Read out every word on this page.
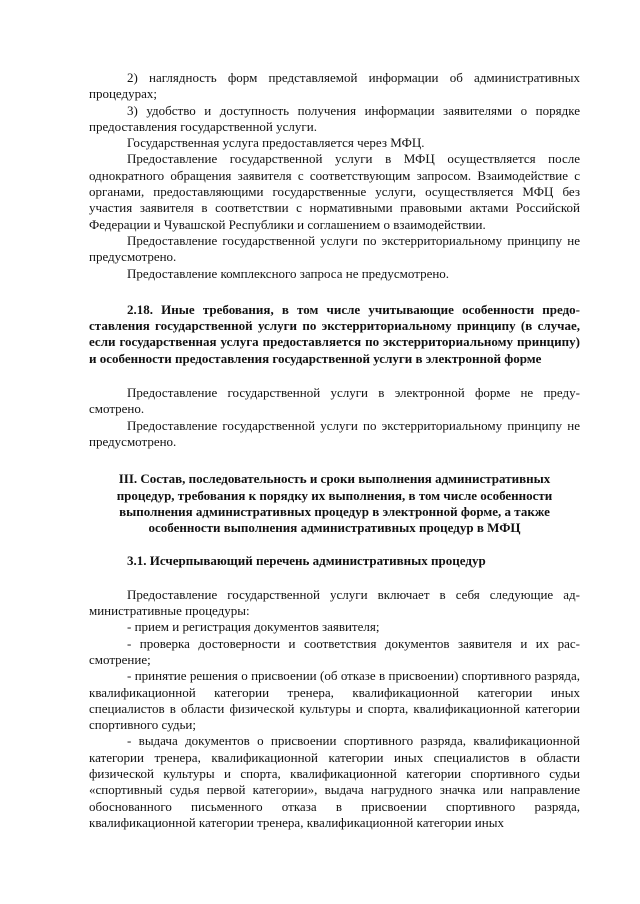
2) наглядность форм представляемой информации об административных процедурах;

3) удобство и доступность получения информации заявителями о порядке предоставления государственной услуги.

Государственная услуга предоставляется через МФЦ.

Предоставление государственной услуги в МФЦ осуществляется после однократного обращения заявителя с соответствующим запросом. Взаимодействие с органами, предоставляющими государственные услуги, осуществляется МФЦ без участия заявителя в соответствии с нормативными правовыми актами Российской Федерации и Чувашской Республики и соглашением о взаимодействии.

Предоставление государственной услуги по экстерриториальному принципу не предусмотрено.

Предоставление комплексного запроса не предусмотрено.

2.18. Иные требования, в том числе учитывающие особенности предоставления государственной услуги по экстерриториальному принципу (в случае, если государственная услуга предоставляется по экстерриториальному принципу) и особенности предоставления государственной услуги в электронной форме

Предоставление государственной услуги в электронной форме не предусмотрено.

Предоставление государственной услуги по экстерриториальному принципу не предусмотрено.

III. Состав, последовательность и сроки выполнения административных процедур, требования к порядку их выполнения, в том числе особенности выполнения административных процедур в электронной форме, а также особенности выполнения административных процедур в МФЦ

3.1. Исчерпывающий перечень административных процедур

Предоставление государственной услуги включает в себя следующие административные процедуры:

- прием и регистрация документов заявителя;

- проверка достоверности и соответствия документов заявителя и их рассмотрение;

- принятие решения о присвоении (об отказе в присвоении) спортивного разряда, квалификационной категории тренера, квалификационной категории иных специалистов в области физической культуры и спорта, квалификационной категории спортивного судьи;

- выдача документов о присвоении спортивного разряда, квалификационной категории тренера, квалификационной категории иных специалистов в области физической культуры и спорта, квалификационной категории спортивного судьи «спортивный судья первой категории», выдача нагрудного значка или направление обоснованного письменного отказа в присвоении спортивного разряда, квалификационной категории тренера, квалификационной категории иных
